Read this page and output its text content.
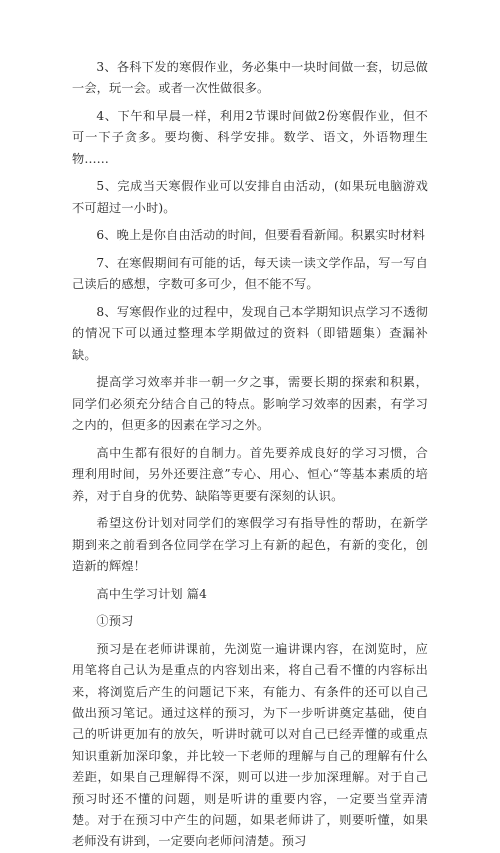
3、各科下发的寒假作业，务必集中一块时间做一套，切忌做一会，玩一会。或者一次性做很多。

4、下午和早晨一样，利用2节课时间做2份寒假作业，但不可一下子贪多。要均衡、科学安排。数学、语文，外语物理生物……

5、完成当天寒假作业可以安排自由活动，(如果玩电脑游戏不可超过一小时)。

6、晚上是你自由活动的时间，但要看看新闻。积累实时材料

7、在寒假期间有可能的话，每天读一读文学作品，写一写自己读后的感想，字数可多可少，但不能不写。

8、写寒假作业的过程中，发现自己本学期知识点学习不透彻的情况下可以通过整理本学期做过的资料（即错题集）查漏补缺。

提高学习效率并非一朝一夕之事，需要长期的探索和积累，同学们必须充分结合自己的特点。影响学习效率的因素，有学习之内的，但更多的因素在学习之外。

高中生都有很好的自制力。首先要养成良好的学习习惯，合理利用时间，另外还要注意”专心、用心、恒心“等基本素质的培养，对于自身的优势、缺陷等更要有深刻的认识。

希望这份计划对同学们的寒假学习有指导性的帮助，在新学期到来之前看到各位同学在学习上有新的起色，有新的变化，创造新的辉煌！

高中生学习计划 篇4

①预习

预习是在老师讲课前，先浏览一遍讲课内容，在浏览时，应用笔将自己认为是重点的内容划出来，将自己看不懂的内容标出来，将浏览后产生的问题记下来，有能力、有条件的还可以自己做出预习笔记。通过这样的预习，为下一步听讲奠定基础，使自己的听讲更加有的放矢，听讲时就可以对自己已经弄懂的或重点知识重新加深印象，并比较一下老师的理解与自己的理解有什么差距，如果自己理解得不深，则可以进一步加深理解。对于自己预习时还不懂的问题，则是听讲的重要内容，一定要当堂弄清楚。对于在预习中产生的问题，如果老师讲了，则要听懂，如果老师没有讲到，一定要向老师问清楚。预习
